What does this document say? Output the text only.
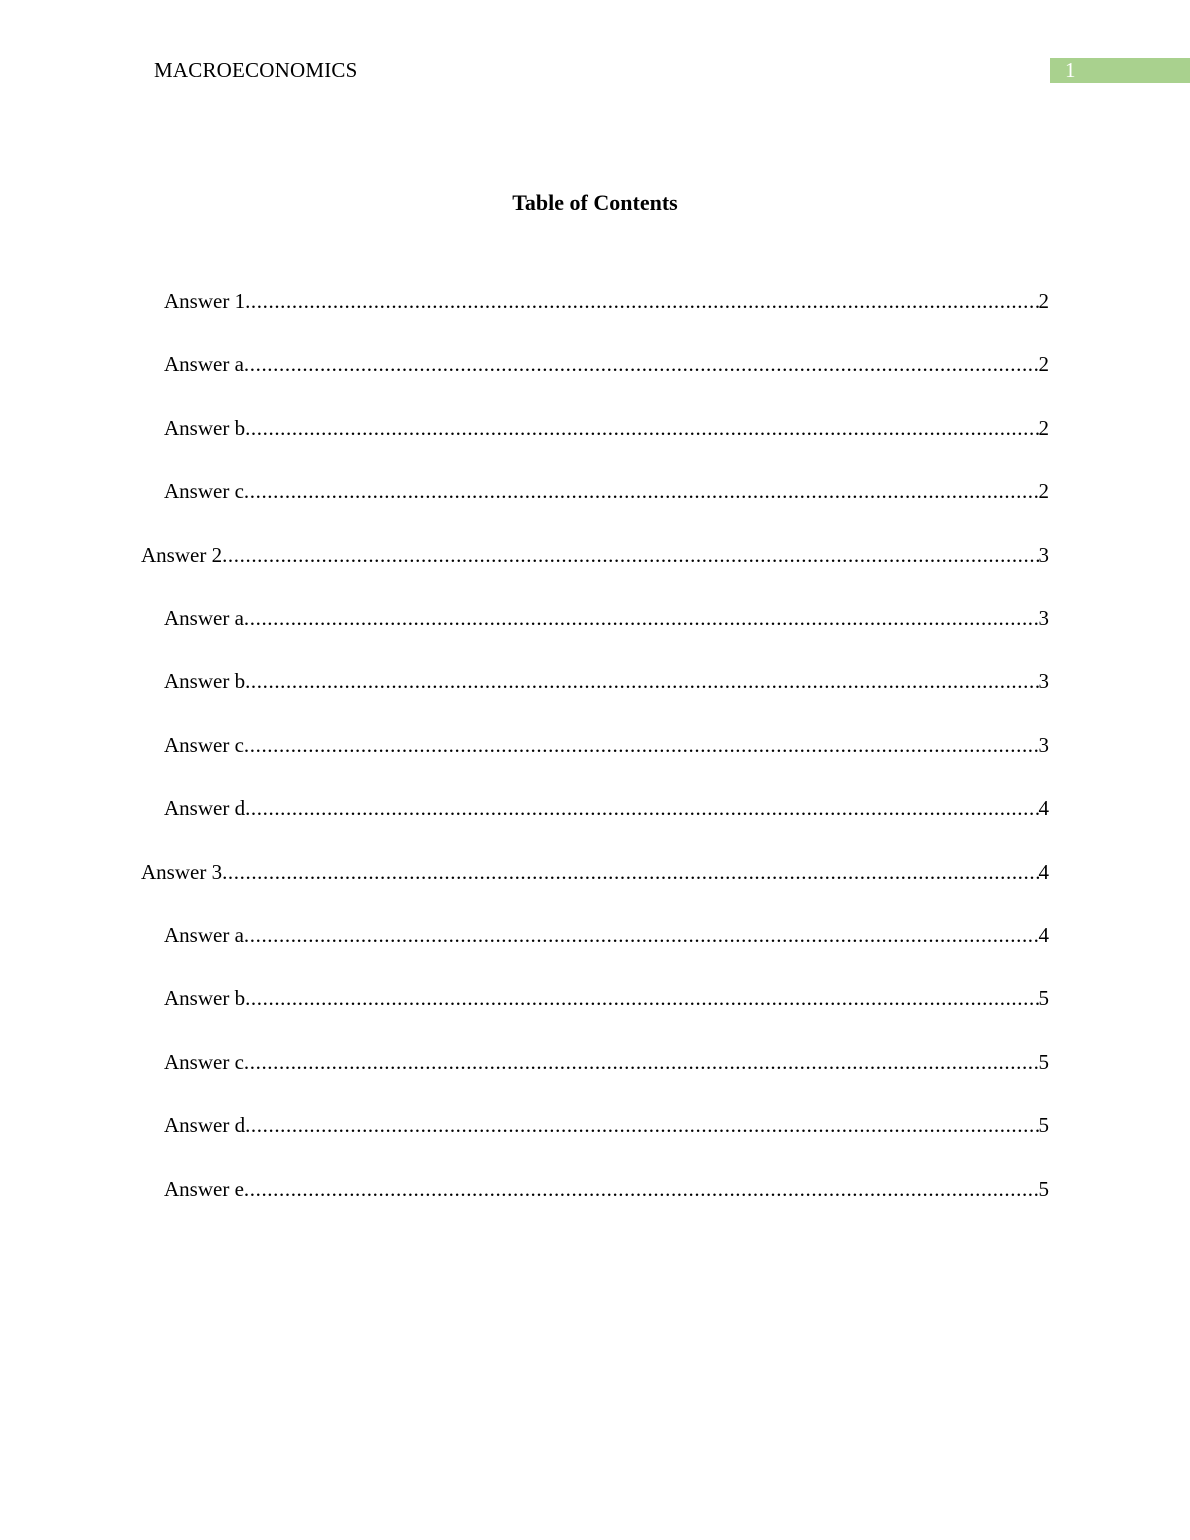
MACROECONOMICS	1
Table of Contents
Answer 1 .....	2
Answer a .....	2
Answer b .....	2
Answer c .....	2
Answer 2 .....	3
Answer a .....	3
Answer b .....	3
Answer c .....	3
Answer d .....	4
Answer 3 .....	4
Answer a .....	4
Answer b .....	5
Answer c .....	5
Answer d .....	5
Answer e .....	5
